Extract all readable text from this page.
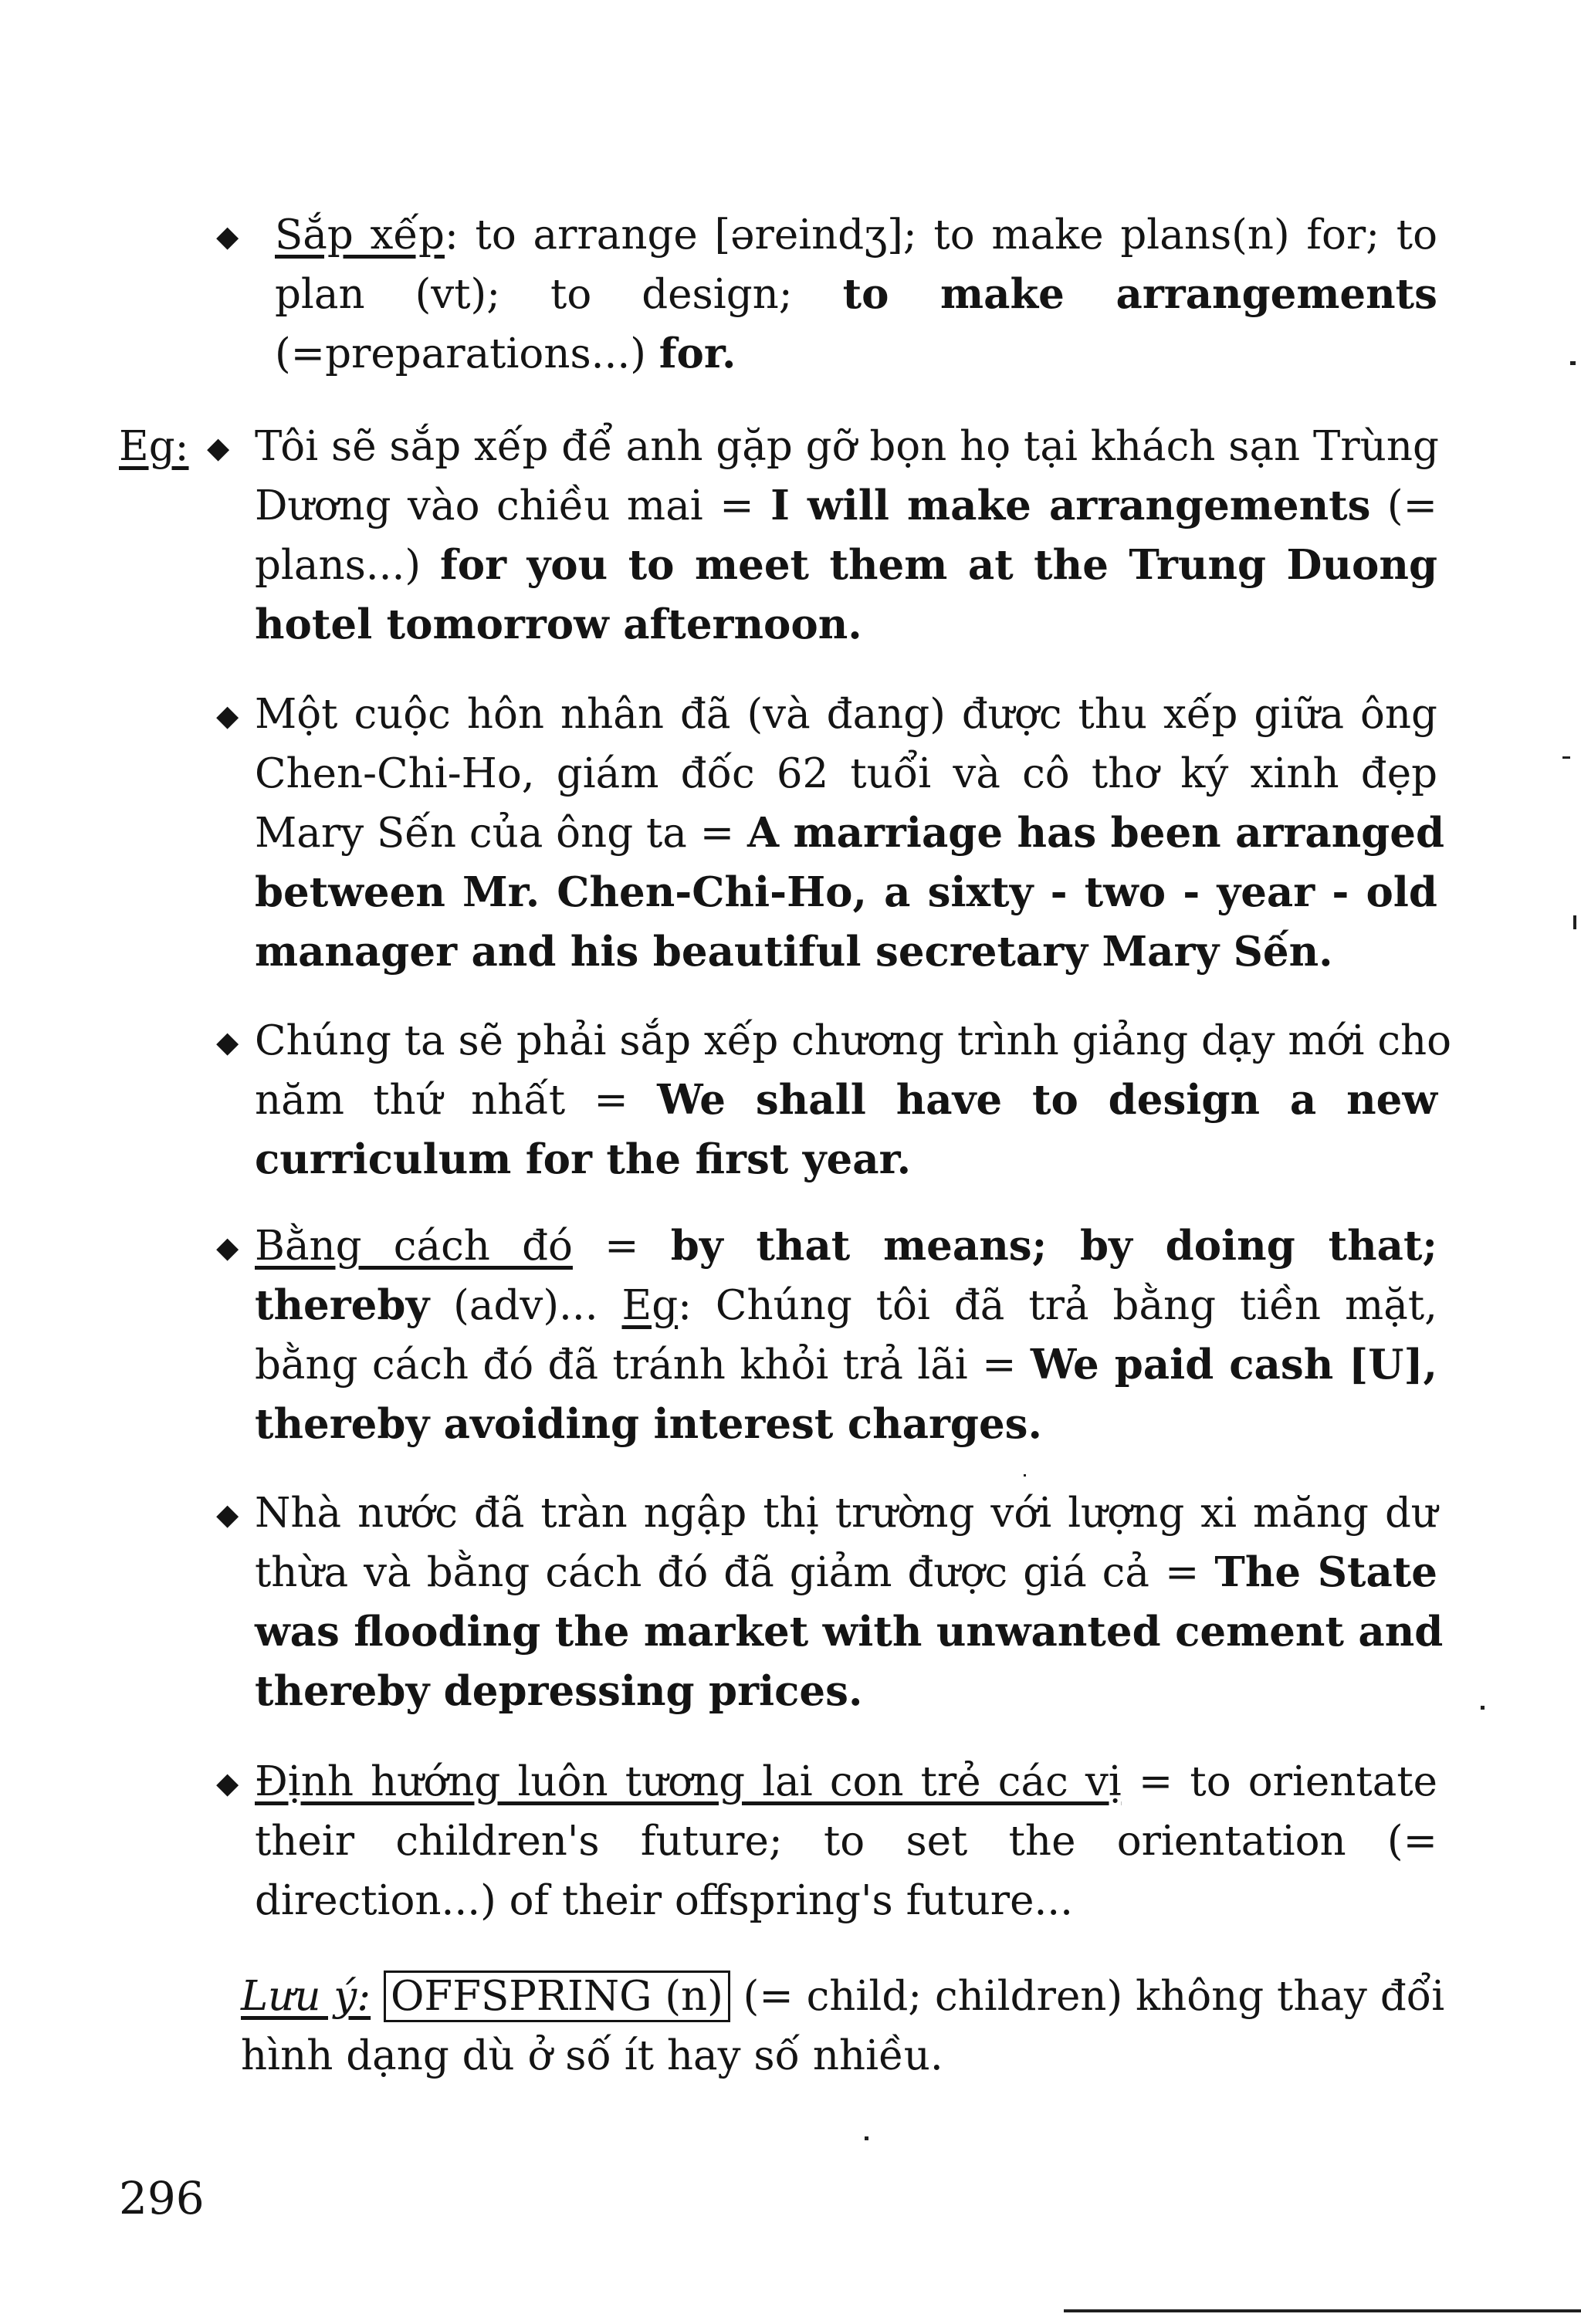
◆ Sắp xếp: to arrange [əreindʒ]; to make plans(n) for; to
plan (vt); to design; to make arrangements
(=preparations...) for.
Eg: ◆ Tôi sẽ sắp xếp để anh gặp gỡ bọn họ tại khách sạn Trùng
Dương vào chiều mai = I will make arrangements (=
plans...) for you to meet them at the Trung Duong
hotel tomorrow afternoon.
◆ Một cuộc hôn nhân đã (và đang) được thu xếp giữa ông
Chen-Chi-Ho, giám đốc 62 tuổi và cô thơ ký xinh đẹp
Mary Sến của ông ta = A marriage has been arranged
between Mr. Chen-Chi-Ho, a sixty - two - year - old
manager and his beautiful secretary Mary Sến.
◆ Chúng ta sẽ phải sắp xếp chương trình giảng dạy mới cho
năm thứ nhất = We shall have to design a new
curriculum for the first year.
◆ Bằng cách đó = by that means; by doing that;
thereby (adv)... Eg: Chúng tôi đã trả bằng tiền mặt,
bằng cách đó đã tránh khỏi trả lãi = We paid cash [U],
thereby avoiding interest charges.
◆ Nhà nước đã tràn ngập thị trường với lượng xi măng dư
thừa và bằng cách đó đã giảm được giá cả = The State
was flooding the market with unwanted cement and
thereby depressing prices.
◆ Định hướng luôn tương lai con trẻ các vị = to orientate
their children's future; to set the orientation (=
direction...) of their offspring's future...
Lưu ý: OFFSPRING (n) (= child; children) không thay đổi
hình dạng dù ở số ít hay số nhiều.
296
